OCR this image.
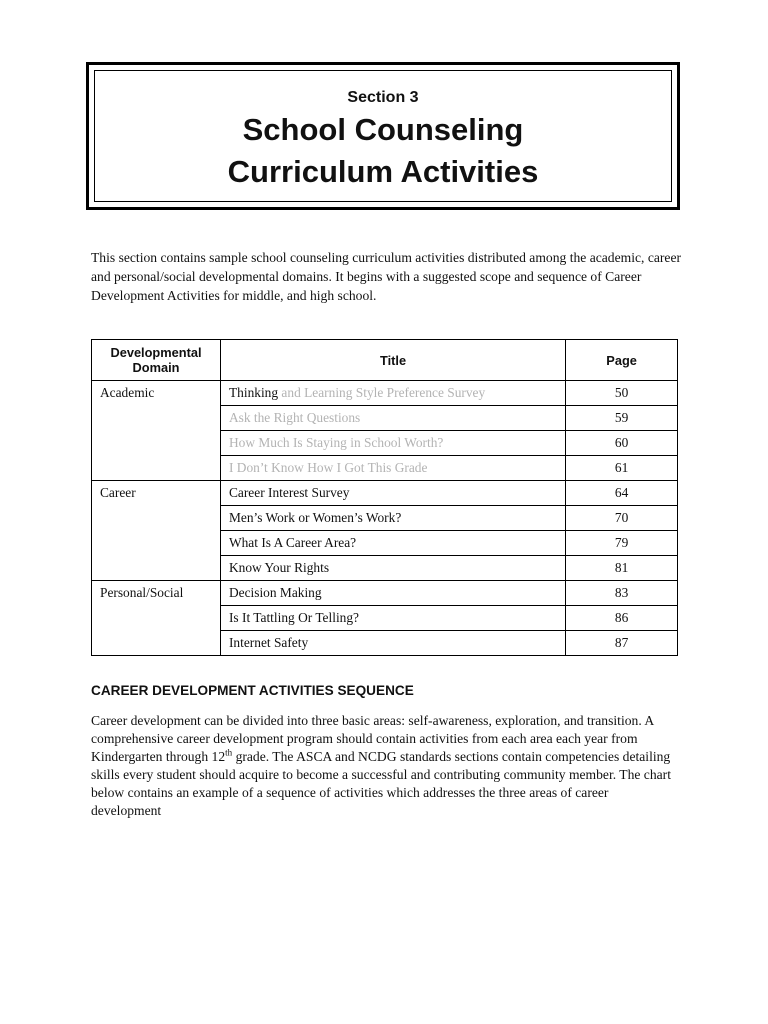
Section 3
School Counseling
Curriculum Activities

This section contains sample school counseling curriculum activities distributed among the academic, career and personal/social developmental domains. It begins with a suggested scope and sequence of Career Development Activities for middle, and high school.

Developmental Domain	Title	Page
Academic	Thinking and Learning Style Preference Survey	50
	Ask the Right Questions	59
	How Much Is Staying in School Worth?	60
	I Don’t Know How I Got This Grade	61
Career	Career Interest Survey	64
	Men’s Work or Women’s Work?	70
	What Is A Career Area?	79
	Know Your Rights	81
Personal/Social	Decision Making	83
	Is It Tattling Or Telling?	86
	Internet Safety	87
CAREER DEVELOPMENT ACTIVITIES SEQUENCE

Career development can be divided into three basic areas: self-awareness, exploration, and transition. A comprehensive career development program should contain activities from each area each year from Kindergarten through 12th grade. The ASCA and NCDG standards sections contain competencies detailing skills every student should acquire to become a successful and contributing community member. The chart below contains an example of a sequence of activities which addresses the three areas of career development
